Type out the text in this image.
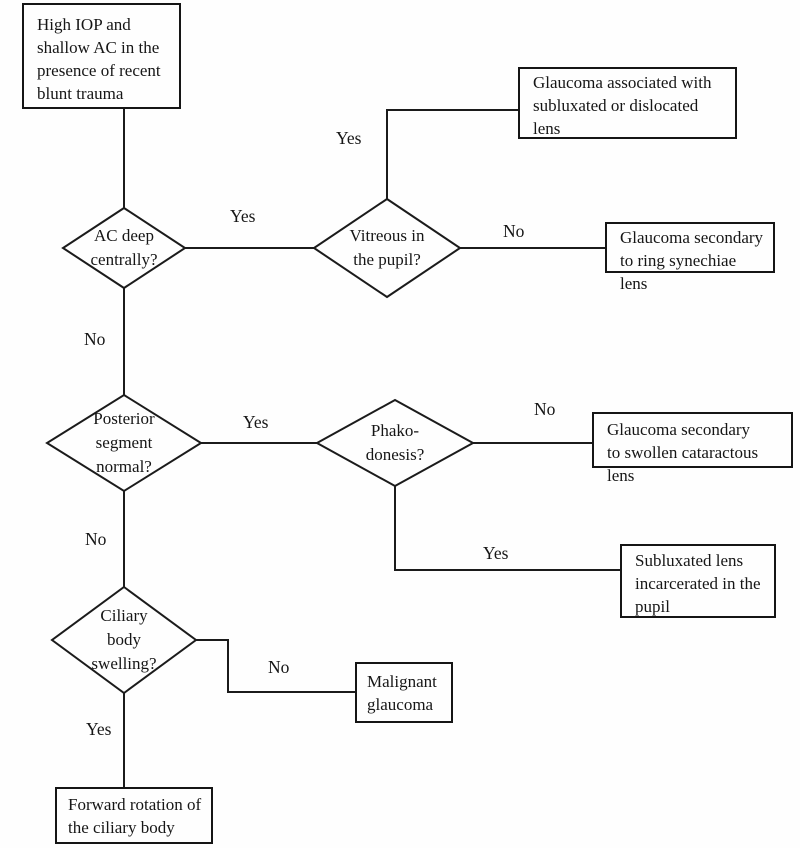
High IOP and
shallow AC in the
presence of recent
blunt trauma
Glaucoma associated with
subluxated or dislocated
lens
Glaucoma secondary
to ring synechiae lens
Glaucoma secondary
to swollen cataractous lens
Subluxated lens
incarcerated in the
pupil
Malignant
glaucoma
Forward rotation of
the ciliary body
AC deep
centrally?
Vitreous in
the pupil?
Posterior
segment
normal?
Phako-
donesis?
Ciliary
body
swelling?
Yes
Yes
No
No
Yes
No
Yes
No
No
Yes
